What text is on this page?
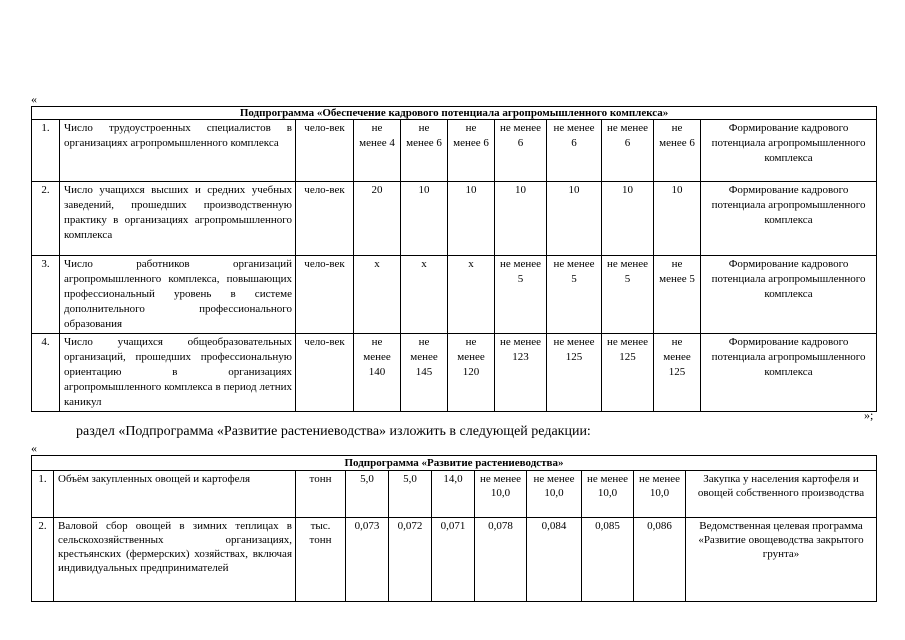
«
Подпрограмма «Обеспечение кадрового потенциала агропромышленного комплекса»										
1.	Число трудоустроенных специалистов в организациях агропромышленного комплекса	чело-век	не менее 4	не менее 6	не менее 6	не менее 6	не менее 6	не менее 6	не менее 6	Формирование кадрового потенциала агропромышленного комплекса
2.	Число учащихся высших и средних учебных заведений, прошедших производственную практику в организациях агропромышленного комплекса	чело-век	20	10	10	10	10	10	10	Формирование кадрового потенциала агропромышленного комплекса
3.	Число работников организаций агропромышленного комплекса, повышающих профессиональный уровень в системе дополнительного профессионального образования	чело-век	х	х	х	не менее 5	не менее 5	не менее 5	не менее 5	Формирование кадрового потенциала агропромышленного комплекса
4.	Число учащихся общеобразовательных организаций, прошедших профессиональную ориентацию в организациях агропромышленного комплекса в период летних каникул	чело-век	не менее 140	не менее 145	не менее 120	не менее 123	не менее 125	не менее 125	не менее 125	Формирование кадрового потенциала агропромышленного комплекса
»;
раздел «Подпрограмма «Развитие растениеводства» изложить в следующей редакции:
«
Подпрограмма «Развитие растениеводства»										
1.	Объём закупленных овощей и картофеля	тонн	5,0	5,0	14,0	не менее 10,0	не менее 10,0	не менее 10,0	не менее 10,0	Закупка у населения картофеля и овощей собственного производства
2.	Валовой сбор овощей в зимних теплицах в сельскохозяйственных организациях, крестьянских (фермерских) хозяйствах, включая индивидуальных предпринимателей	тыс. тонн	0,073	0,072	0,071	0,078	0,084	0,085	0,086	Ведомственная целевая программа «Развитие овощеводства закрытого грунта»
